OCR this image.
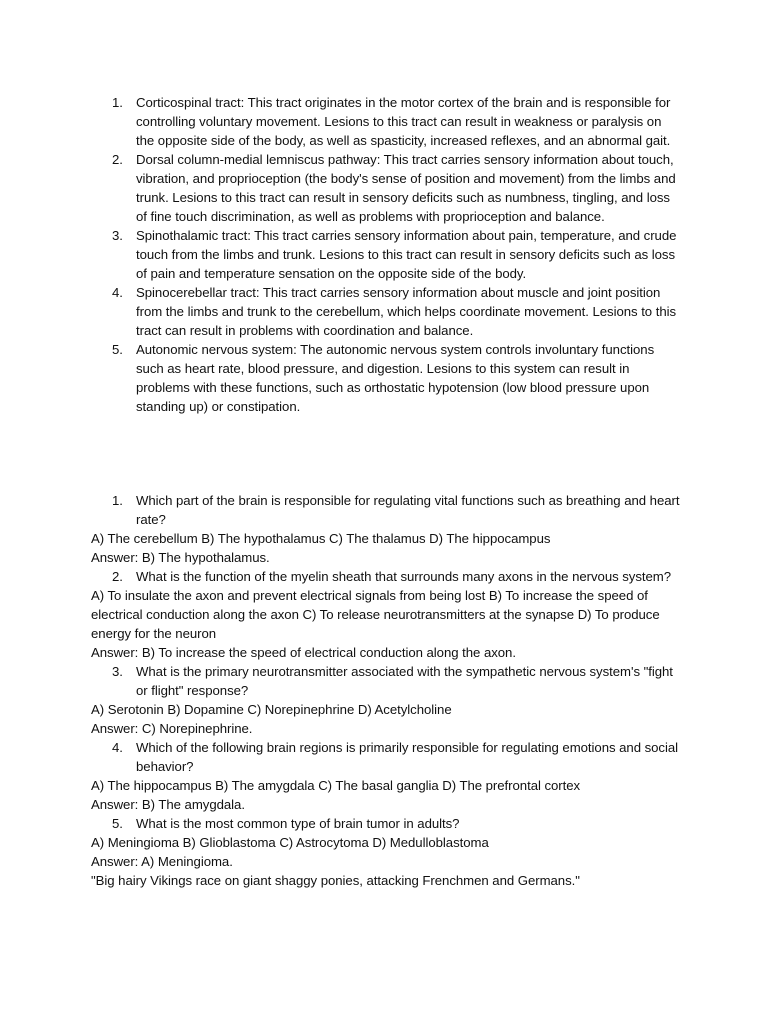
1. Corticospinal tract: This tract originates in the motor cortex of the brain and is responsible for controlling voluntary movement. Lesions to this tract can result in weakness or paralysis on the opposite side of the body, as well as spasticity, increased reflexes, and an abnormal gait.
2. Dorsal column-medial lemniscus pathway: This tract carries sensory information about touch, vibration, and proprioception (the body's sense of position and movement) from the limbs and trunk. Lesions to this tract can result in sensory deficits such as numbness, tingling, and loss of fine touch discrimination, as well as problems with proprioception and balance.
3. Spinothalamic tract: This tract carries sensory information about pain, temperature, and crude touch from the limbs and trunk. Lesions to this tract can result in sensory deficits such as loss of pain and temperature sensation on the opposite side of the body.
4. Spinocerebellar tract: This tract carries sensory information about muscle and joint position from the limbs and trunk to the cerebellum, which helps coordinate movement. Lesions to this tract can result in problems with coordination and balance.
5. Autonomic nervous system: The autonomic nervous system controls involuntary functions such as heart rate, blood pressure, and digestion. Lesions to this system can result in problems with these functions, such as orthostatic hypotension (low blood pressure upon standing up) or constipation.
1. Which part of the brain is responsible for regulating vital functions such as breathing and heart rate?
A) The cerebellum B) The hypothalamus C) The thalamus D) The hippocampus
Answer: B) The hypothalamus.
2. What is the function of the myelin sheath that surrounds many axons in the nervous system?
A) To insulate the axon and prevent electrical signals from being lost B) To increase the speed of electrical conduction along the axon C) To release neurotransmitters at the synapse D) To produce energy for the neuron
Answer: B) To increase the speed of electrical conduction along the axon.
3. What is the primary neurotransmitter associated with the sympathetic nervous system's "fight or flight" response?
A) Serotonin B) Dopamine C) Norepinephrine D) Acetylcholine
Answer: C) Norepinephrine.
4. Which of the following brain regions is primarily responsible for regulating emotions and social behavior?
A) The hippocampus B) The amygdala C) The basal ganglia D) The prefrontal cortex
Answer: B) The amygdala.
5. What is the most common type of brain tumor in adults?
A) Meningioma B) Glioblastoma C) Astrocytoma D) Medulloblastoma
Answer: A) Meningioma.
"Big hairy Vikings race on giant shaggy ponies, attacking Frenchmen and Germans."
